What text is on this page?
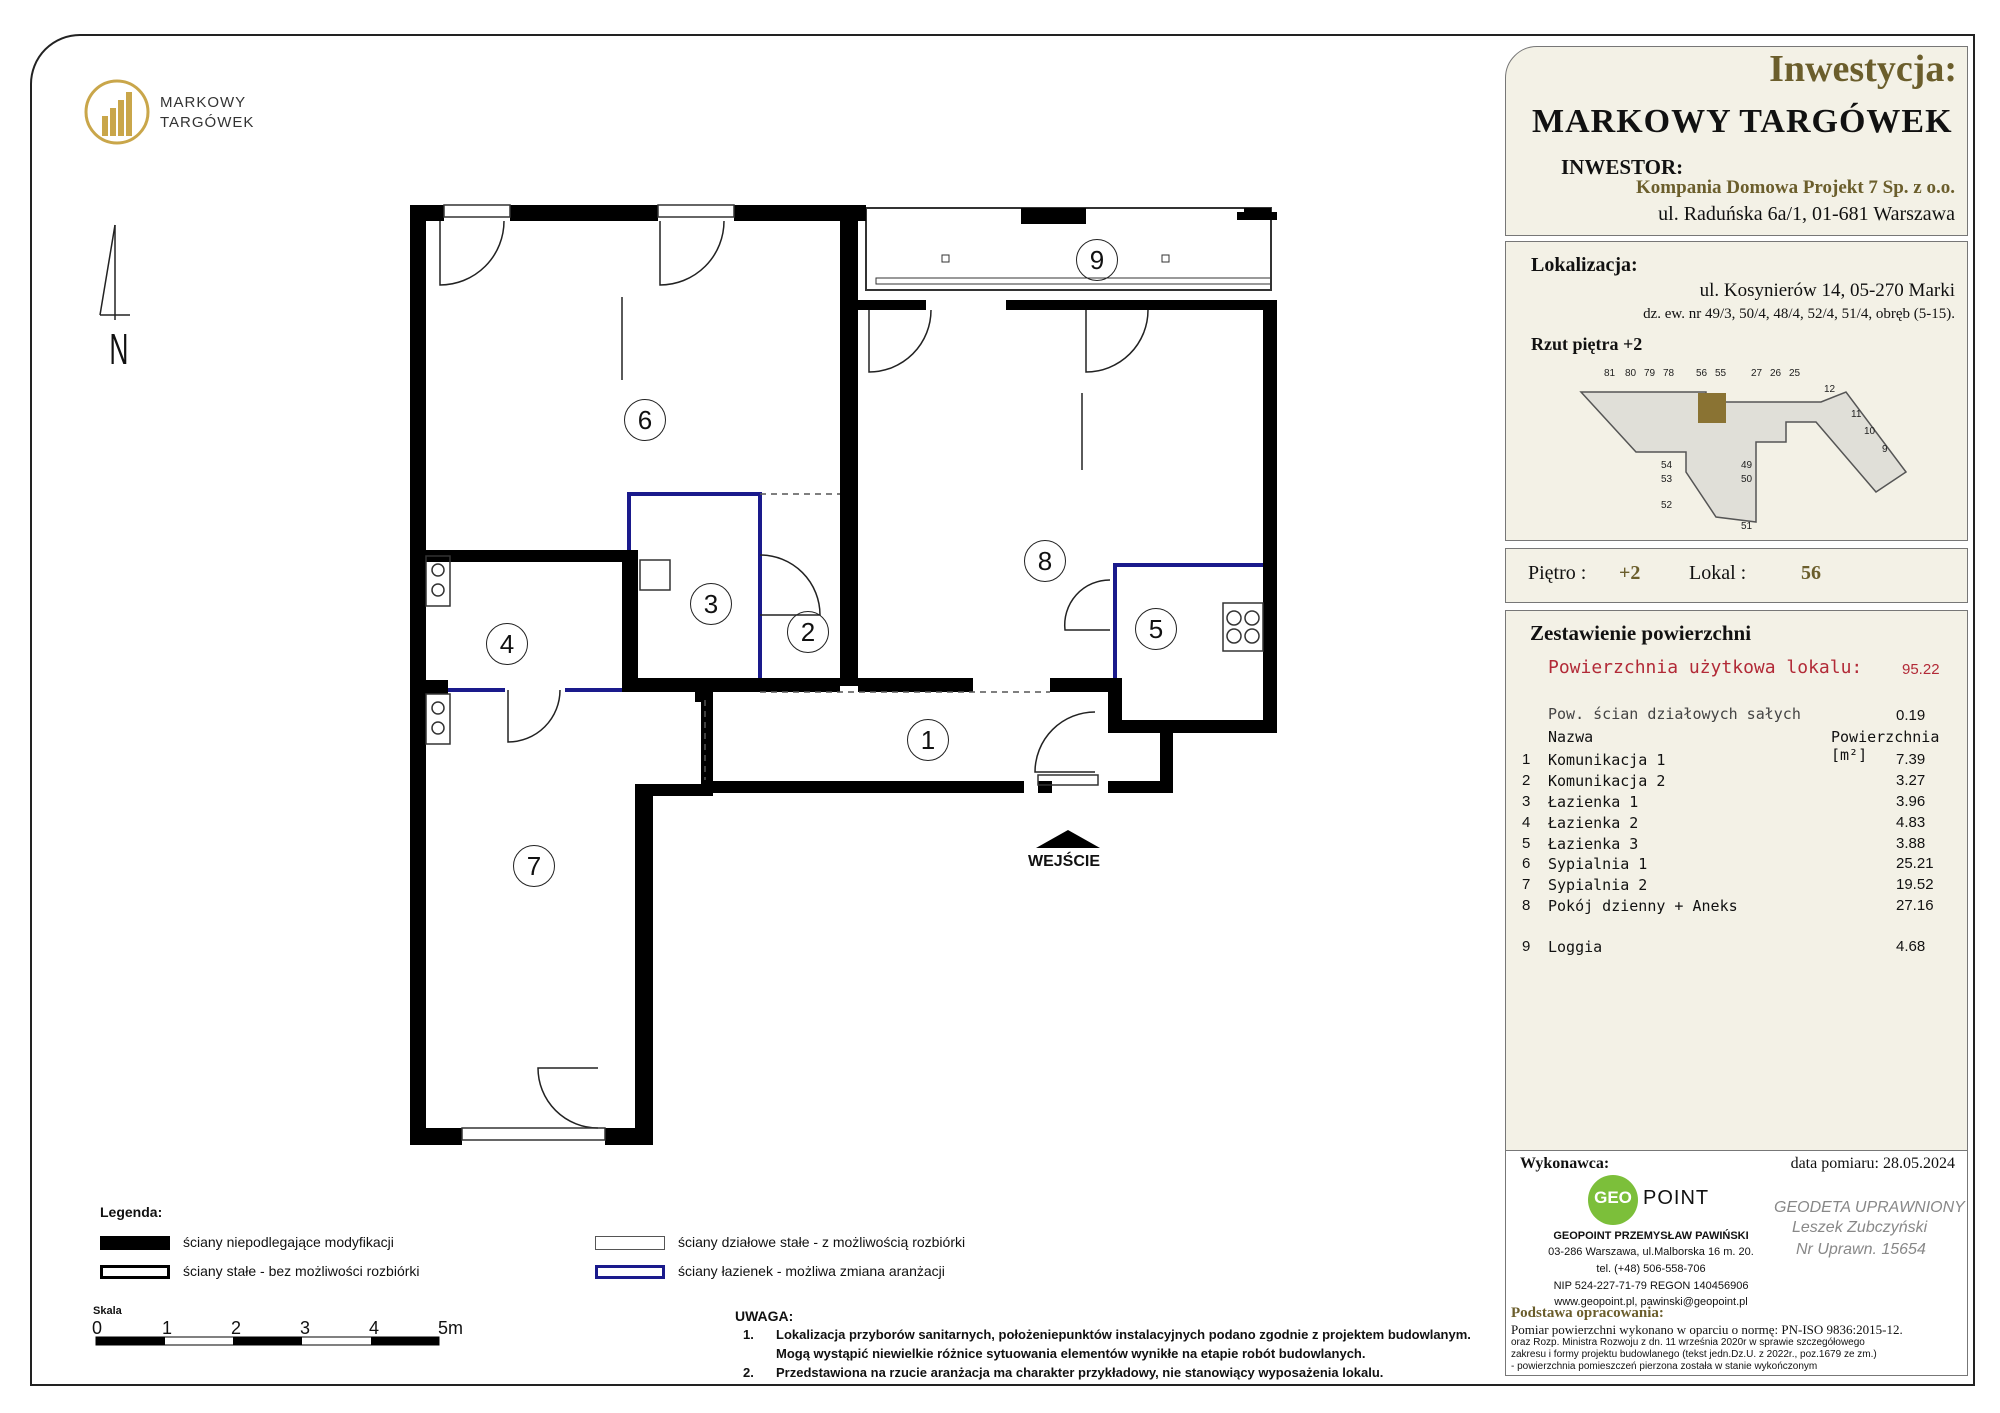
MARKOWY
TARGÓWEK
N
1
2
3
4	5
6
7
8
9
WEJŚCIE
Inwestycja:
MARKOWY TARGÓWEK
INWESTOR:
Kompania Domowa Projekt 7 Sp. z o.o.
ul. Raduńska 6a/1, 01-681 Warszawa
Lokalizacja:
ul. Kosynierów 14, 05-270 Marki
dz. ew. nr 49/3, 50/4, 48/4, 52/4, 51/4, obręb (5-15).
Rzut piętra +2
81 80 79 78 56 55 27 26 25
12
11
10
9
54
53
52
49
50
51
Piętro : +2 Lokal :	56
Zestawienie powierzchni
Powierzchnia użytkowa lokalu:	95.22
Pow. ścian działowych sałych	0.19
Nazwa	Powierzchnia [m²]
1 Komunikacja 1	7.39
2 Komunikacja 2	3.27
3 Łazienka 1	3.96
4 Łazienka 2	4.83
5 Łazienka 3	3.88
6 Sypialnia 1	25.21
7 Sypialnia 2	19.52
8 Pokój dzienny + Aneks	27.16
9 Loggia	4.68
Wykonawca:	data pomiaru: 28.05.2024
GEO POINT
GEOPOINT PRZEMYSŁAW PAWIŃSKI
03-286 Warszawa, ul.Malborska 16 m. 20.
tel. (+48) 506-558-706
NIP 524-227-71-79 REGON 140456906
www.geopoint.pl, pawinski@geopoint.pl
GEODETA UPRAWNIONY
Leszek Zubczyński
Nr Uprawn. 15654
Podstawa opracowania:
Pomiar powierzchni wykonano w oparciu o normę: PN-ISO 9836:2015-12.
oraz Rozp. Ministra Rozwoju z dn. 11 września 2020r w sprawie szczegółowego
zakresu i formy projektu budowlanego (tekst jedn.Dz.U. z 2022r., poz.1679 ze zm.)
- powierzchnia pomieszczeń pierzona została w stanie wykończonym
Legenda:
ściany niepodlegające modyfikacji
ściany stałe - bez możliwości rozbiórki
ściany działowe stałe - z możliwością rozbiórki
ściany łazienek - możliwa zmiana aranżacji
Skala
0	1	2	3	4	5m
UWAGA:
1. Lokalizacja przyborów sanitarnych, położeniepunktów instalacyjnych podano zgodnie z projektem budowlanym.
Mogą wystąpić niewielkie różnice sytuowania elementów wynikłe na etapie robót budowlanych.
2. Przedstawiona na rzucie aranżacja ma charakter przykładowy, nie stanowiący wyposażenia lokalu.
